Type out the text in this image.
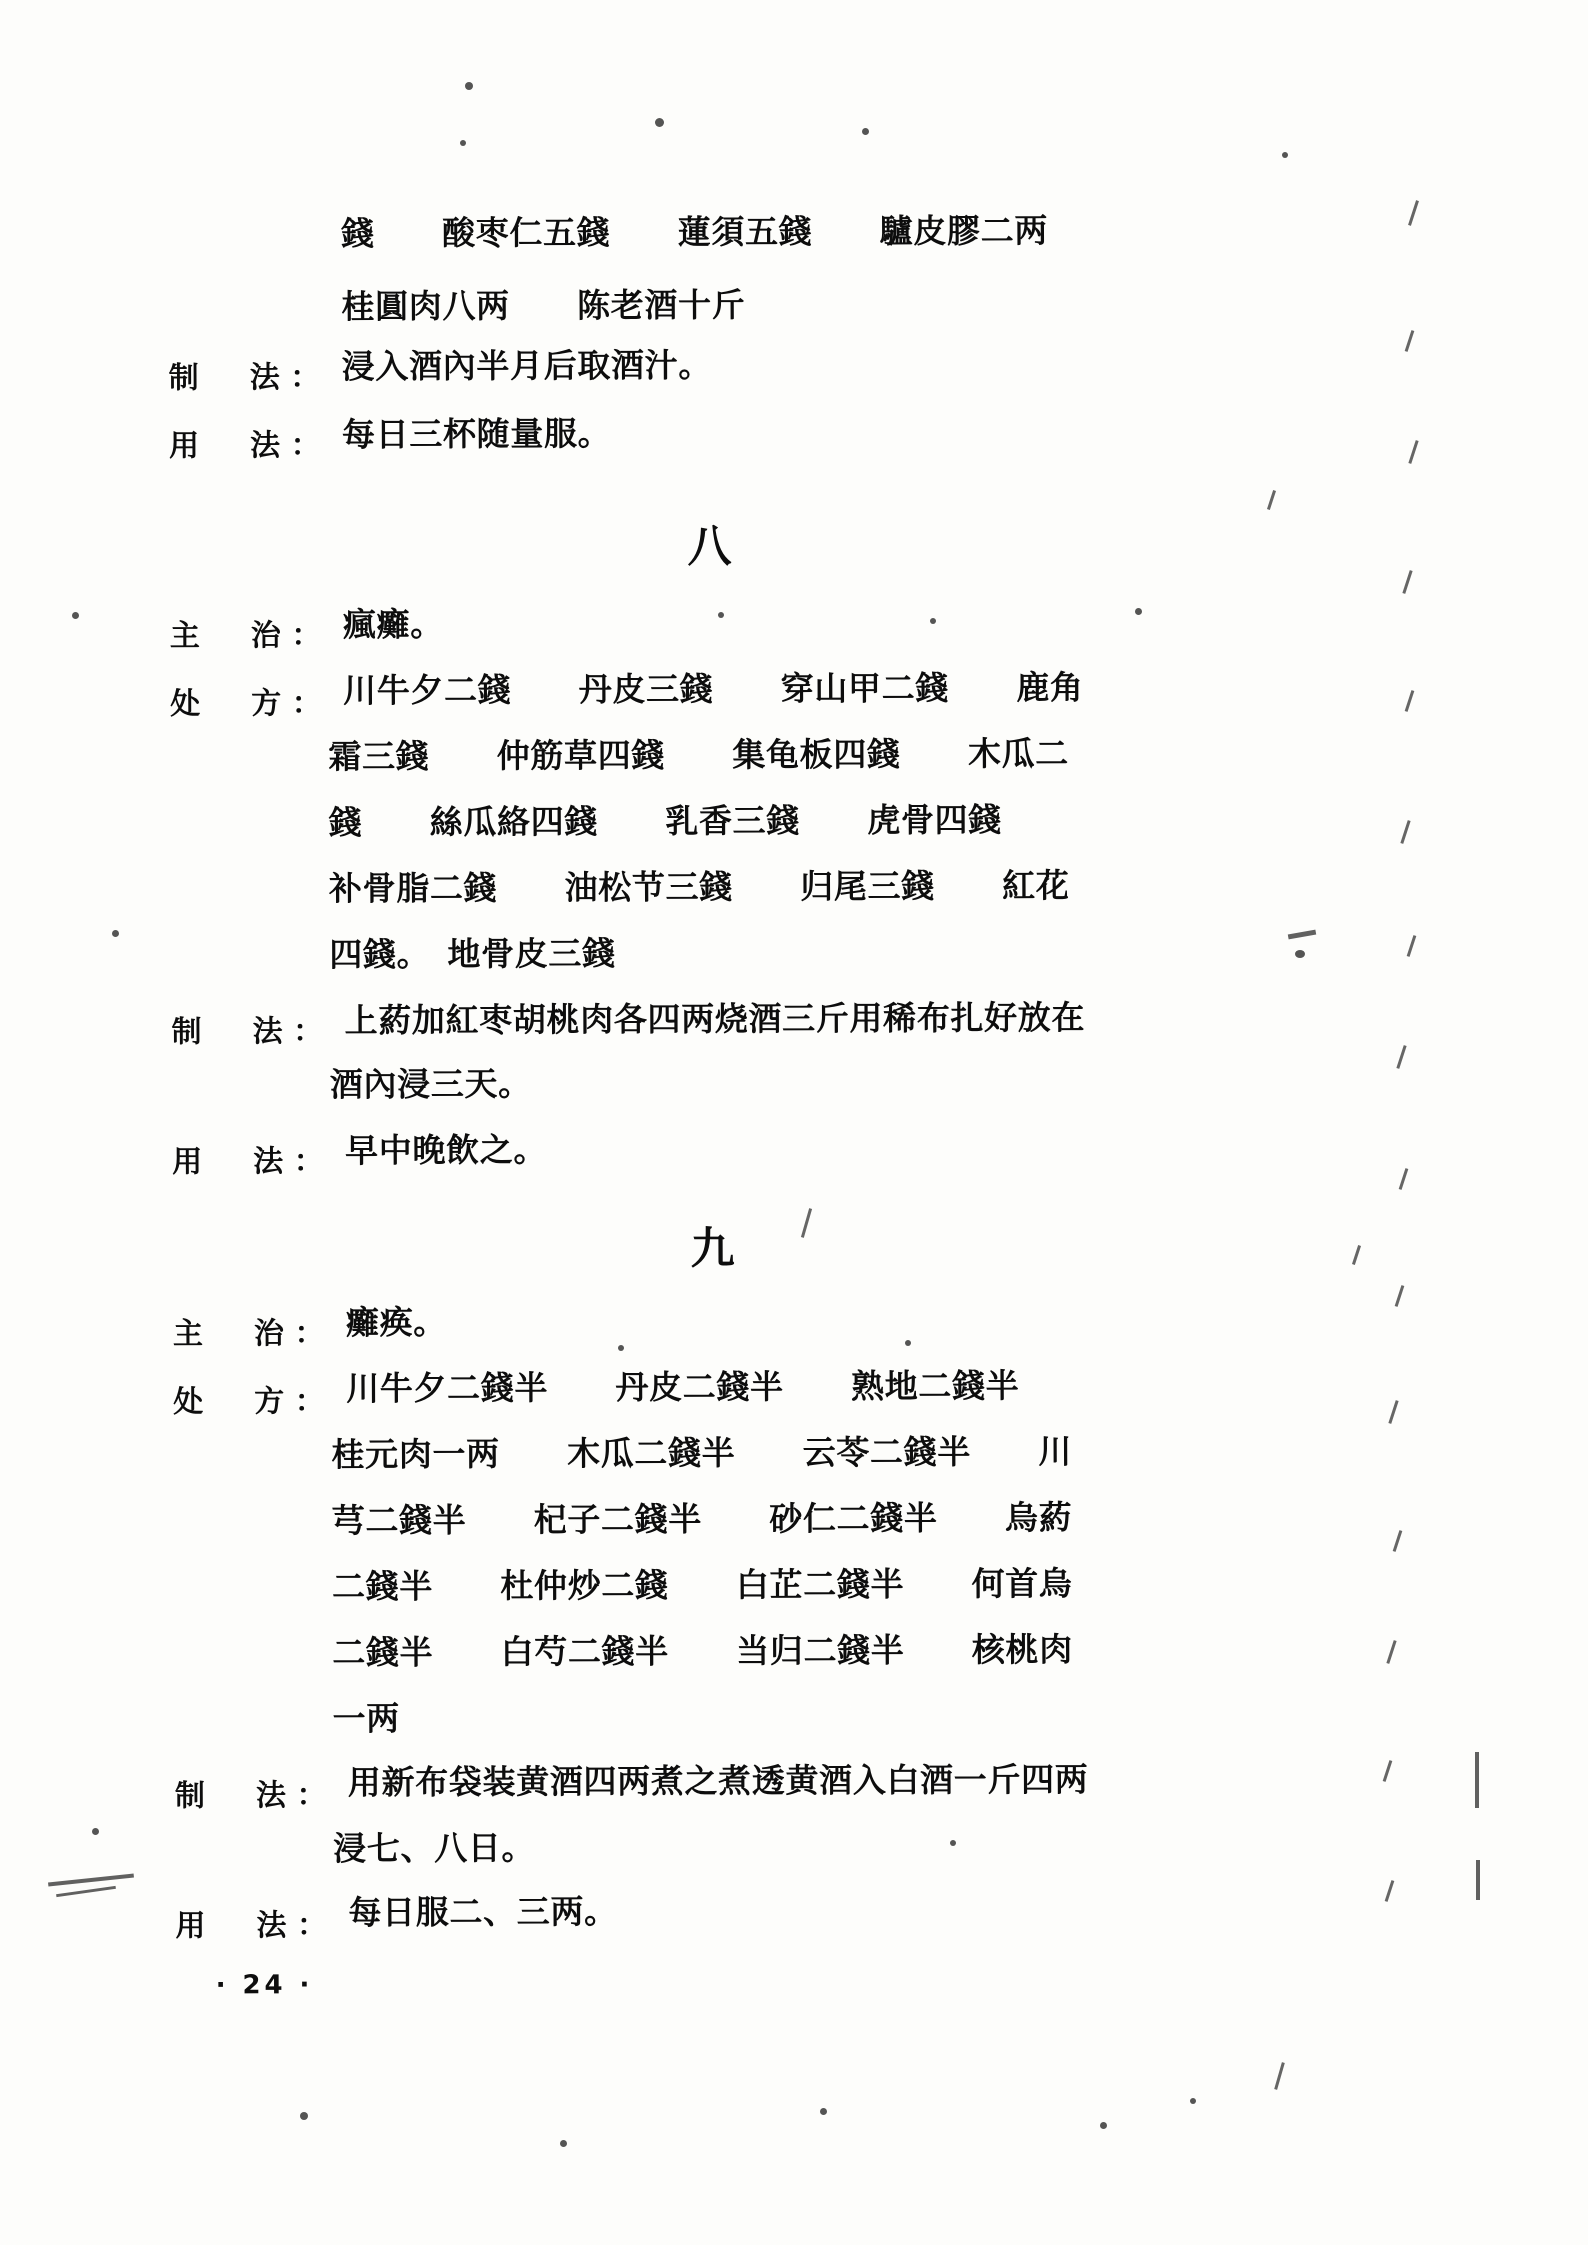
錢　　酸枣仁五錢　　蓮須五錢　　驢皮膠二两
桂圓肉八两　　陈老酒十斤
制　法： 浸入酒內半月后取酒汁。
用　法： 每日三杯随量服。
八
主　治： 瘋癱。
处　方： 川牛夕二錢　　丹皮三錢　　穿山甲二錢　　鹿角
霜三錢　　仲筋草四錢　　集龟板四錢　　木瓜二
錢　　絲瓜絡四錢　　乳香三錢　　虎骨四錢
补骨脂二錢　　油松节三錢　　归尾三錢　　紅花
四錢。　地骨皮三錢
制　法： 上葯加紅枣胡桃肉各四两烧酒三斤用稀布扎好放在
酒內浸三天。
用　法： 早中晚飲之。
九
主　治： 癱痪。
处　方： 川牛夕二錢半　　丹皮二錢半　　熟地二錢半
桂元肉一两　　木瓜二錢半　　云苓二錢半　　川
芎二錢半　　杞子二錢半　　砂仁二錢半　　烏葯
二錢半　　杜仲炒二錢　　白芷二錢半　　何首烏
二錢半　　白芍二錢半　　当归二錢半　　核桃肉
一两
制　法： 用新布袋装黄酒四两煮之煮透黄酒入白酒一斤四两
浸七、八日。
用　法： 每日服二、三两。
· 24 ·
